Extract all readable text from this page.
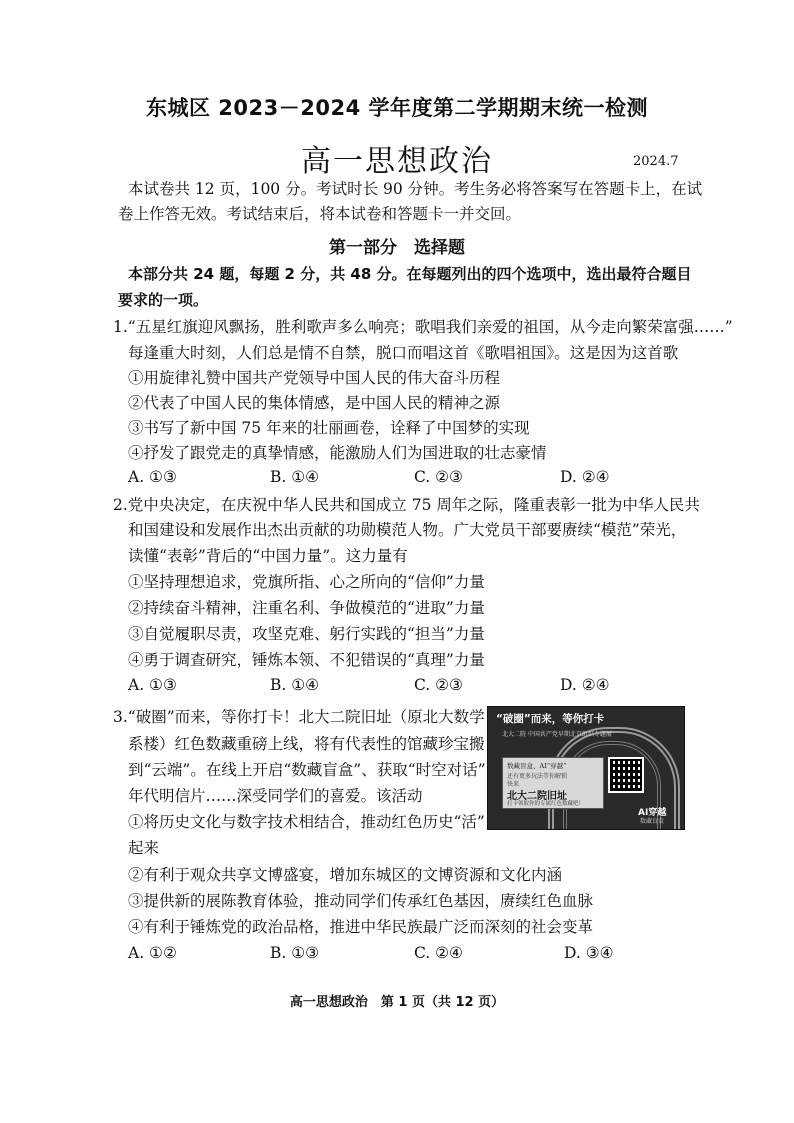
东城区 2023－2024 学年度第二学期期末统一检测
高一思想政治	2024.7
本试卷共 12 页，100 分。考试时长 90 分钟。考生务必将答案写在答题卡上，在试
卷上作答无效。考试结束后，将本试卷和答题卡一并交回。
第一部分　选择题
本部分共 24 题，每题 2 分，共 48 分。在每题列出的四个选项中，选出最符合题目
要求的一项。
1.“五星红旗迎风飘扬，胜利歌声多么响亮；歌唱我们亲爱的祖国，从今走向繁荣富强……”
每逢重大时刻，人们总是情不自禁，脱口而唱这首《歌唱祖国》。这是因为这首歌
①用旋律礼赞中国共产党领导中国人民的伟大奋斗历程
②代表了中国人民的集体情感，是中国人民的精神之源
③书写了新中国 75 年来的壮丽画卷，诠释了中国梦的实现
④抒发了跟党走的真挚情感，能激励人们为国进取的壮志豪情
A. ①③	B. ①④	C. ②③	D. ②④
2.党中央决定，在庆祝中华人民共和国成立 75 周年之际，隆重表彰一批为中华人民共
和国建设和发展作出杰出贡献的功勋模范人物。广大党员干部要赓续“模范”荣光，
读懂“表彰”背后的“中国力量”。这力量有
①坚持理想追求，党旗所指、心之所向的“信仰”力量
②持续奋斗精神，注重名利、争做模范的“进取”力量
③自觉履职尽责，攻坚克难、躬行实践的“担当”力量
④勇于调查研究，锤炼本领、不犯错误的“真理”力量
A. ①③	B. ①④	C. ②③	D. ②④
3.“破圈”而来，等你打卡！北大二院旧址（原北大数学
系楼）红色数藏重磅上线，将有代表性的馆藏珍宝搬
到“云端”。在线上开启“数藏盲盒”、获取“时空对话”
年代明信片……深受同学们的喜爱。该活动
①将历史文化与数字技术相结合，推动红色历史“活”
起来
②有利于观众共享文博盛宴，增加东城区的文博资源和文化内涵
③提供新的展陈教育体验，推动同学们传承红色基因，赓续红色血脉
④有利于锤炼党的政治品格，推进中华民族最广泛而深刻的社会变革
A. ①②	B. ①③	C. ②④	D. ③④
“破圈”而来，等你打卡
北大二院 中国共产党早期北京组织专题展
数藏盲盒、AI“穿越”
还有更多玩法等你解锁
快来
北大二院旧址
打卡领取你的专属红色数藏吧！
AI穿越
数藏盲盒
高一思想政治　第 1 页（共 12 页）
